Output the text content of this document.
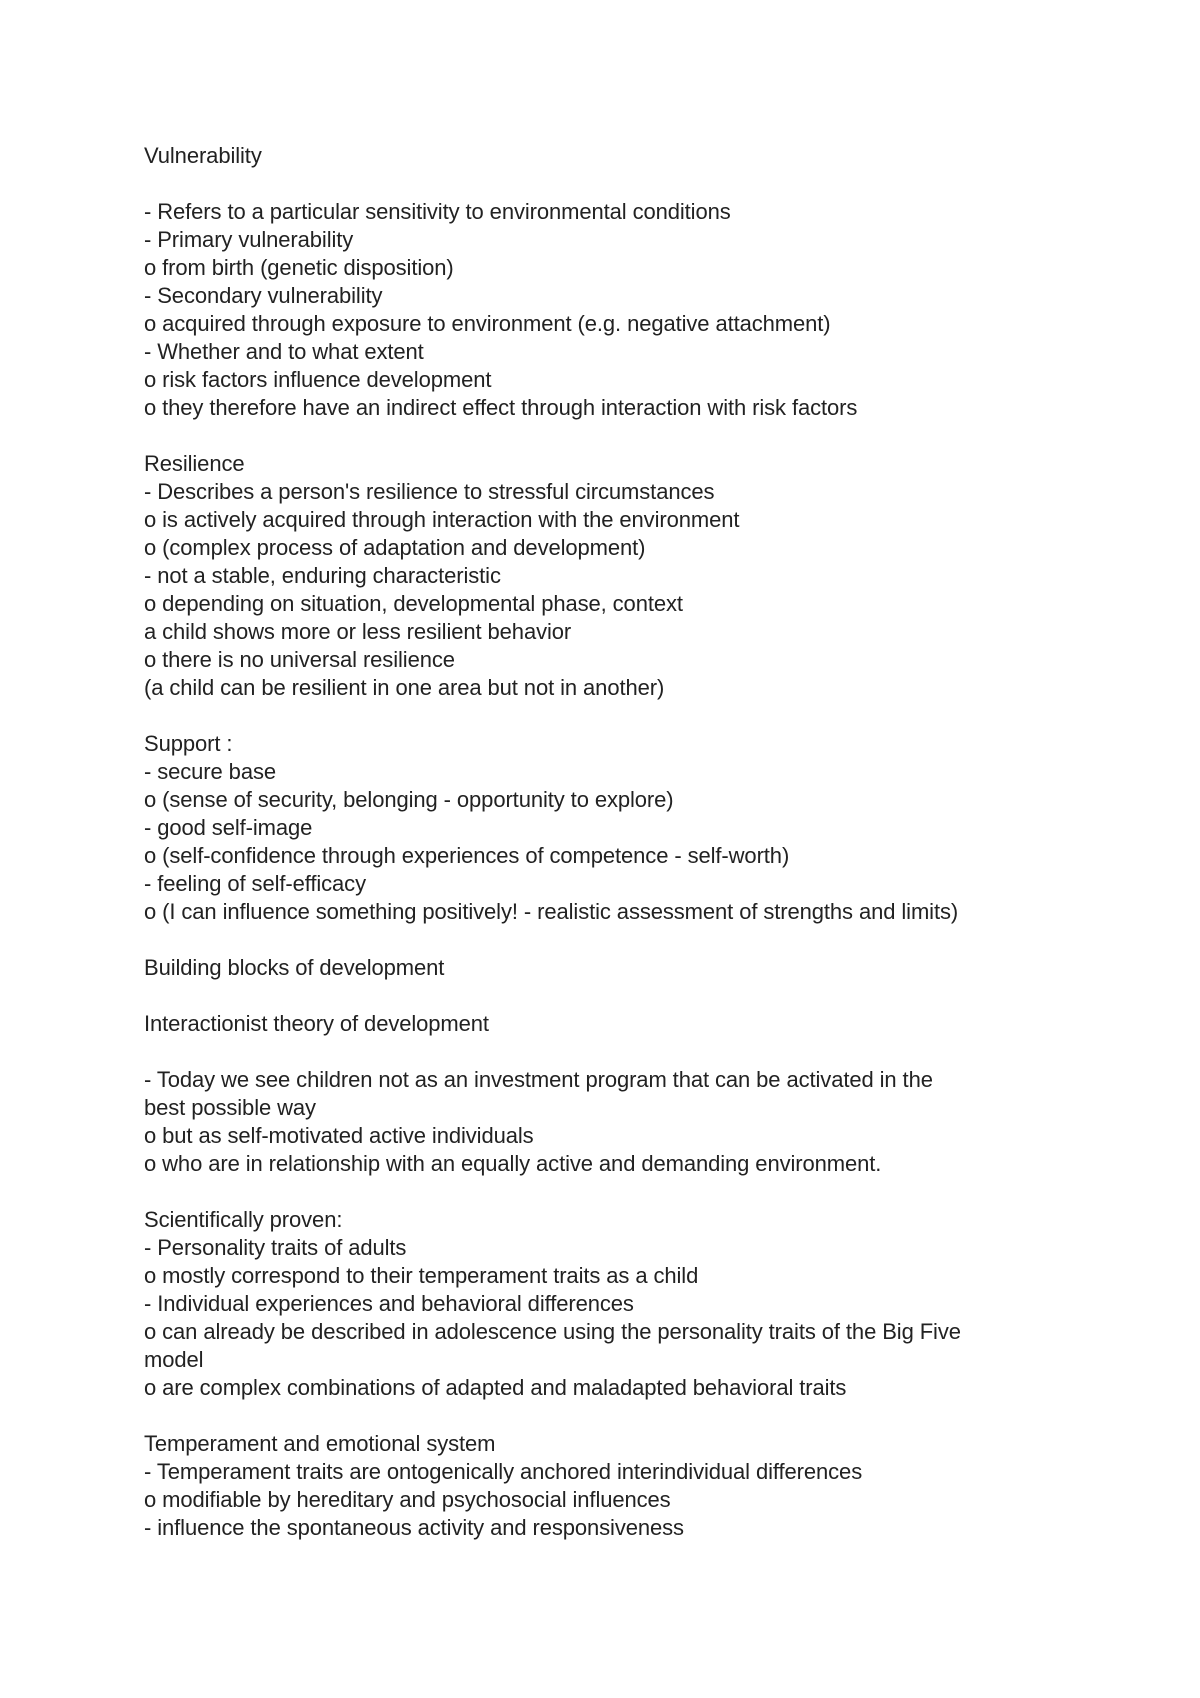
Vulnerability
- Refers to a particular sensitivity to environmental conditions
- Primary vulnerability
o from birth (genetic disposition)
- Secondary vulnerability
o acquired through exposure to environment (e.g. negative attachment)
- Whether and to what extent
o risk factors influence development
o they therefore have an indirect effect through interaction with risk factors
Resilience
- Describes a person's resilience to stressful circumstances
o is actively acquired through interaction with the environment
o (complex process of adaptation and development)
- not a stable, enduring characteristic
o depending on situation, developmental phase, context
a child shows more or less resilient behavior
o there is no universal resilience
(a child can be resilient in one area but not in another)
Support :
- secure base
o (sense of security, belonging - opportunity to explore)
- good self-image
o (self-confidence through experiences of competence - self-worth)
- feeling of self-efficacy
o (I can influence something positively! - realistic assessment of strengths and limits)
Building blocks of development
Interactionist theory of development
- Today we see children not as an investment program that can be activated in the
best possible way
o but as self-motivated active individuals
o who are in relationship with an equally active and demanding environment.
Scientifically proven:
- Personality traits of adults
o mostly correspond to their temperament traits as a child
- Individual experiences and behavioral differences
o can already be described in adolescence using the personality traits of the Big Five
model
o are complex combinations of adapted and maladapted behavioral traits
Temperament and emotional system
- Temperament traits are ontogenically anchored interindividual differences
o modifiable by hereditary and psychosocial influences
- influence the spontaneous activity and responsiveness
